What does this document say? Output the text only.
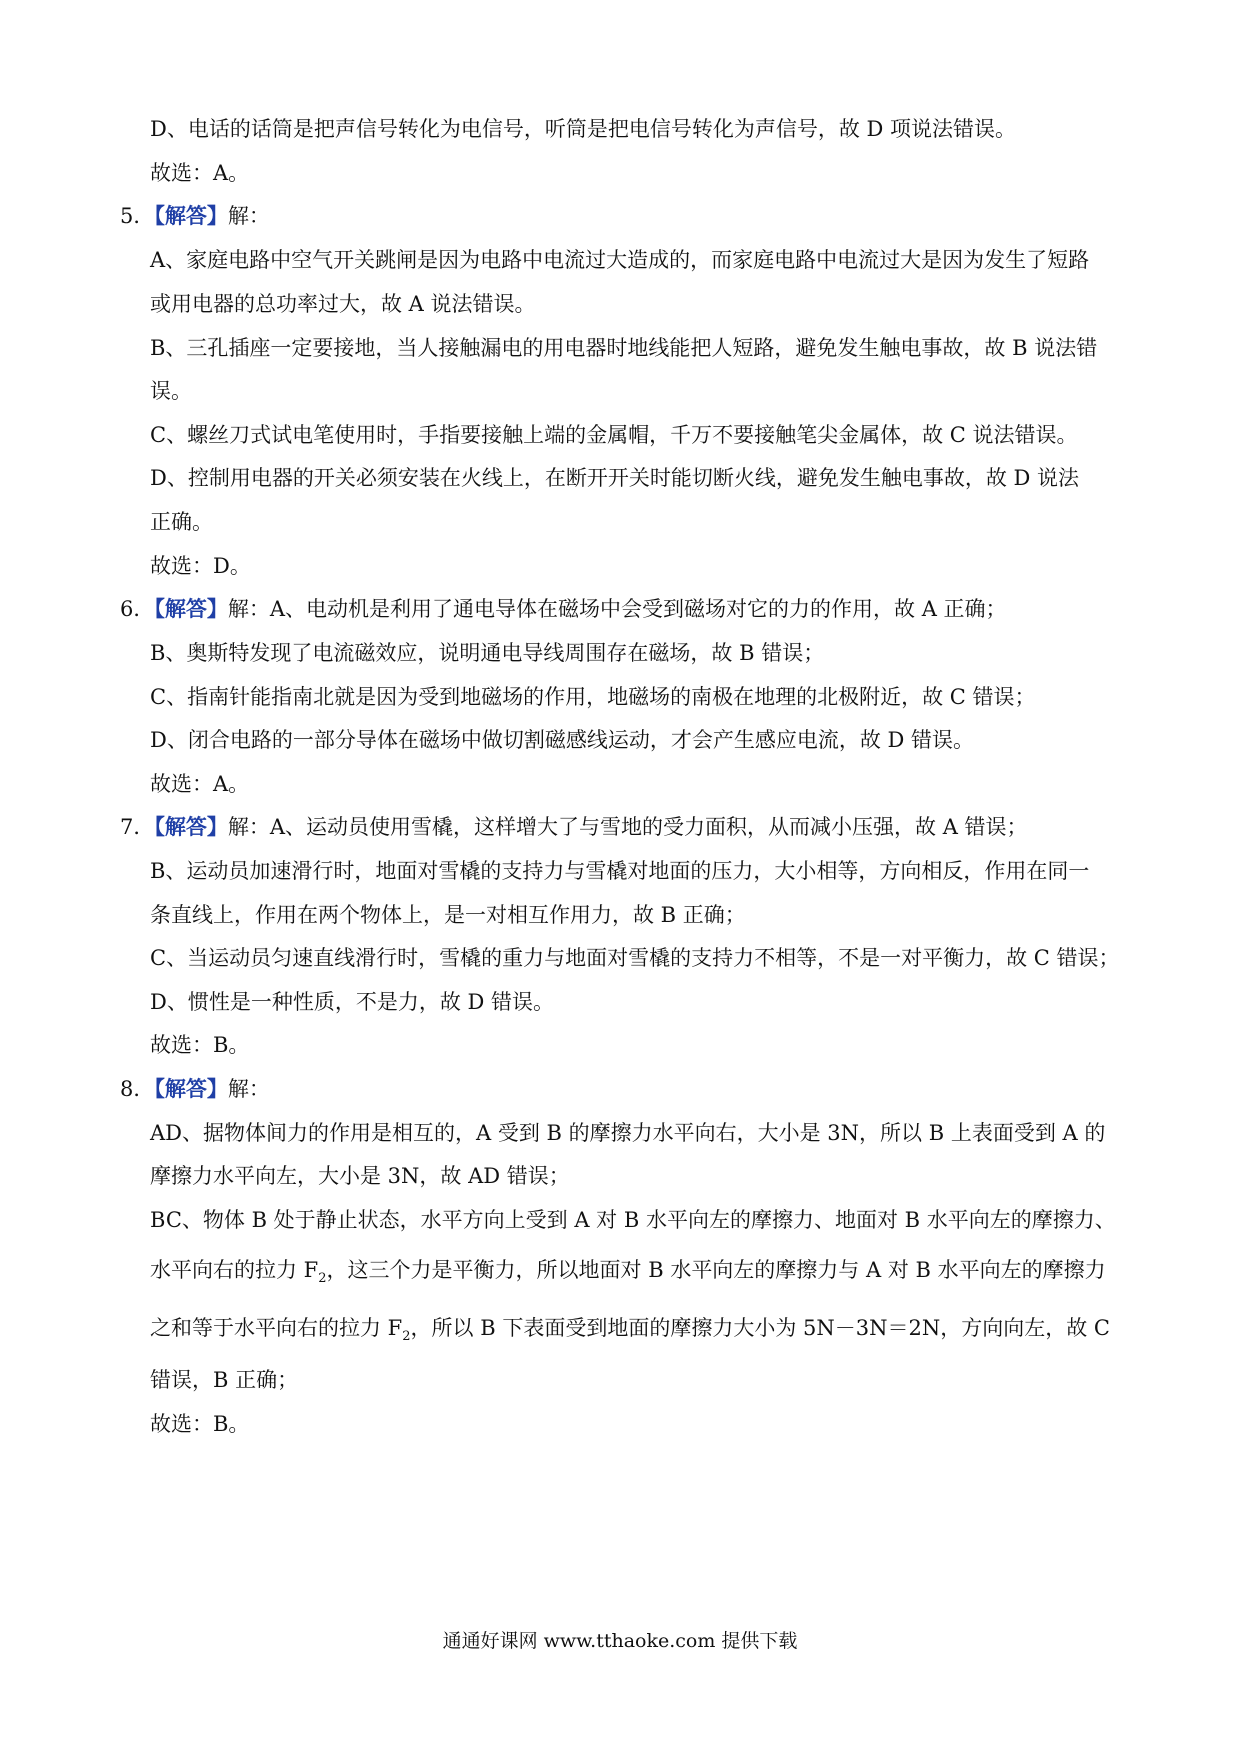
D、电话的话筒是把声信号转化为电信号，听筒是把电信号转化为声信号，故 D 项说法错误。
故选：A。
5．【解答】解：
A、家庭电路中空气开关跳闸是因为电路中电流过大造成的，而家庭电路中电流过大是因为发生了短路
或用电器的总功率过大，故 A 说法错误。
B、三孔插座一定要接地，当人接触漏电的用电器时地线能把人短路，避免发生触电事故，故 B 说法错
误。
C、螺丝刀式试电笔使用时，手指要接触上端的金属帽，千万不要接触笔尖金属体，故 C 说法错误。
D、控制用电器的开关必须安装在火线上，在断开开关时能切断火线，避免发生触电事故，故 D 说法
正确。
故选：D。
6．【解答】解：A、电动机是利用了通电导体在磁场中会受到磁场对它的力的作用，故 A 正确；
B、奥斯特发现了电流磁效应，说明通电导线周围存在磁场，故 B 错误；
C、指南针能指南北就是因为受到地磁场的作用，地磁场的南极在地理的北极附近，故 C 错误；
D、闭合电路的一部分导体在磁场中做切割磁感线运动，才会产生感应电流，故 D 错误。
故选：A。
7．【解答】解：A、运动员使用雪橇，这样增大了与雪地的受力面积，从而减小压强，故 A 错误；
B、运动员加速滑行时，地面对雪橇的支持力与雪橇对地面的压力，大小相等，方向相反，作用在同一
条直线上，作用在两个物体上，是一对相互作用力，故 B 正确；
C、当运动员匀速直线滑行时，雪橇的重力与地面对雪橇的支持力不相等，不是一对平衡力，故 C 错误；
D、惯性是一种性质，不是力，故 D 错误。
故选：B。
8．【解答】解：
AD、据物体间力的作用是相互的，A 受到 B 的摩擦力水平向右，大小是 3N，所以 B 上表面受到 A 的
摩擦力水平向左，大小是 3N，故 AD 错误；
BC、物体 B 处于静止状态，水平方向上受到 A 对 B 水平向左的摩擦力、地面对 B 水平向左的摩擦力、
水平向右的拉力 $F_2$，这三个力是平衡力，所以地面对 B 水平向左的摩擦力与 A 对 B 水平向左的摩擦力
之和等于水平向右的拉力 $F_2$，所以 B 下表面受到地面的摩擦力大小为 5N－3N＝2N，方向向左，故 C
错误，B 正确；
故选：B。
通通好课网 www.tthaoke.com 提供下载
